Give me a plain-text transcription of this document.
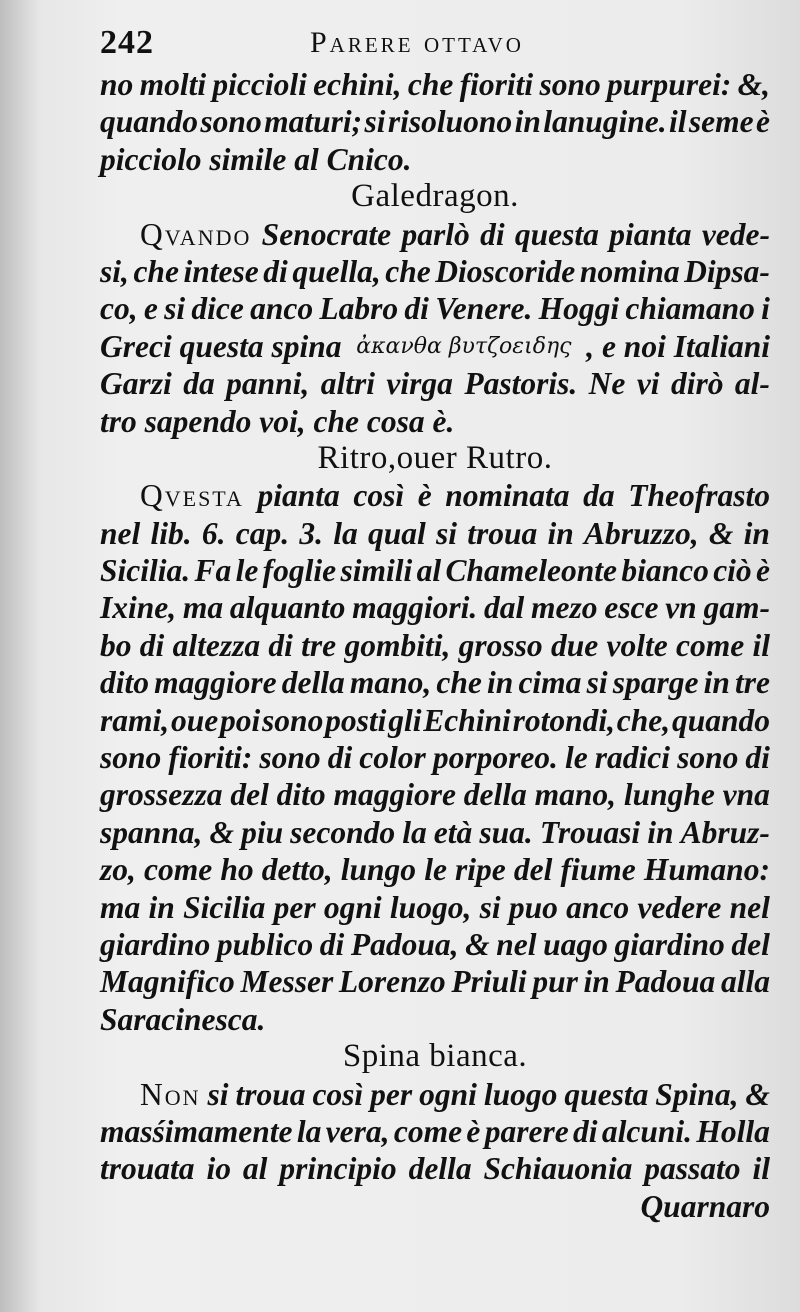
242	Parere ottavo
no molti piccioli echini, che fioriti sono purpurei: &,
quando sono maturi; si risoluono in lanugine. il seme è
picciolo simile al Cnico.
Galedragon.
Qvando Senocrate parlò di questa pianta vede-
si, che intese di quella, che Dioscoride nomina Dipsa-
co, e si dice anco Labro di Venere. Hoggi chiamano i
Greci questa spina ἀκανθα βυτζοειδης , e noi Italiani
Garzi da panni, altri virga Pastoris. Ne vi dirò al-
tro sapendo voi, che cosa è.
Ritro,ouer Rutro.
Qvesta pianta così è nominata da Theofrasto
nel lib. 6. cap. 3. la qual si troua in Abruzzo, & in
Sicilia. Fa le foglie simili al Chameleonte bianco ciò è
Ixine, ma alquanto maggiori. dal mezo esce vn gam-
bo di altezza di tre gombiti, grosso due volte come il
dito maggiore della mano, che in cima si sparge in tre
rami, oue poi sono posti gli Echini rotondi, che, quando
sono fioriti: sono di color porporeo. le radici sono di
grossezza del dito maggiore della mano, lunghe vna
spanna, & piu secondo la età sua. Trouasi in Abruz-
zo, come ho detto, lungo le ripe del fiume Humano:
ma in Sicilia per ogni luogo, si puo anco vedere nel
giardino publico di Padoua, & nel uago giardino del
Magnifico Messer Lorenzo Priuli pur in Padoua alla
Saracinesca.
Spina bianca.
Non si troua così per ogni luogo questa Spina, &
masśimamente la vera, come è parere di alcuni. Holla
trouata io al principio della Schiauonia passato il
Quarnaro
